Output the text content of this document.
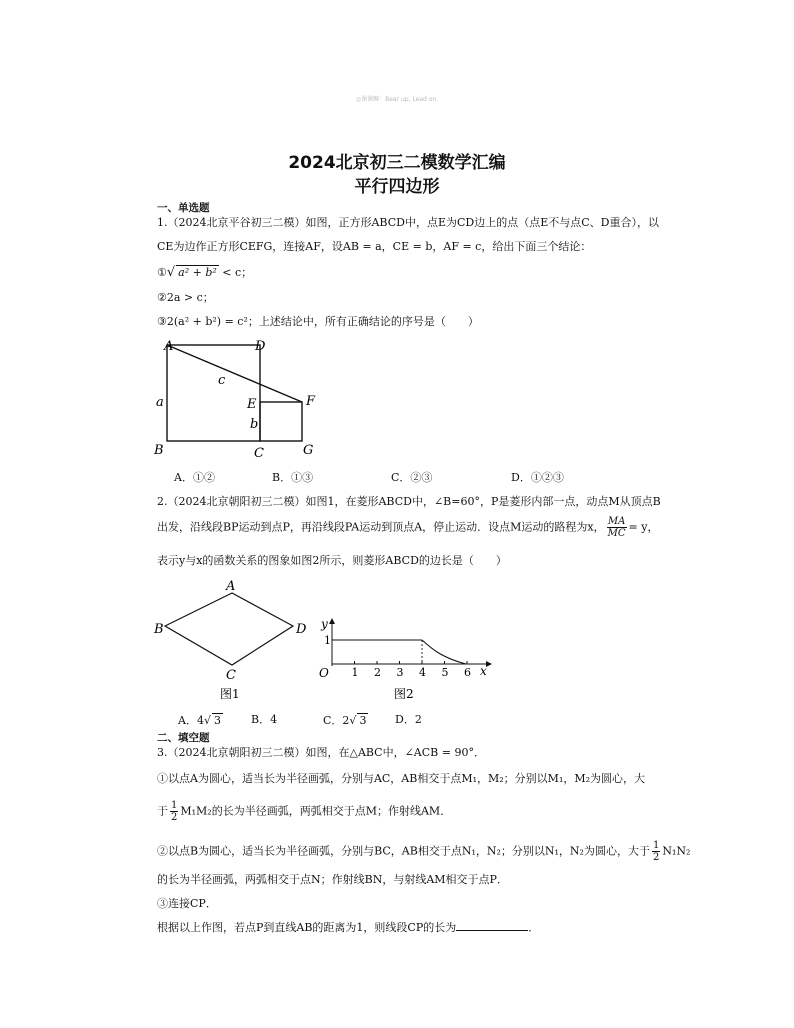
◎课课聊：Bear up, Lead on.
2024北京初三二模数学汇编
平行四边形
一、单选题
1.（2024北京平谷初三二模）如图，正方形ABCD中，点E为CD边上的点（点E不与点C、D重合），以
CE为边作正方形CEFG，连接AF，设AB = a，CE = b，AF = c，给出下面三个结论：
①√ a² + b² < c；
②2a > c；
③2(a² + b²) = c²；上述结论中，所有正确结论的序号是（　　）
A	D
B	C
E	F
G
a
b
c
A．①②	B．①③	C．②③	D．①②③
2.（2024北京朝阳初三二模）如图1，在菱形ABCD中，∠B=60°，P是菱形内部一点，动点M从顶点B
出发，沿线段BP运动到点P，再沿线段PA运动到顶点A，停止运动．设点M运动的路程为x， $\frac{MA}{MC} = y$，
表示y与x的函数关系的图象如图2所示，则菱形ABCD的边长是（　　）
A
B
C
D
图1
y
x
O
1
1 2 3 4 5 6
图2
A．4√ 3	B．4	C．2√ 3	D．2
二、填空题
3.（2024北京朝阳初三二模）如图，在△ABC中，∠ACB = 90°．
①以点A为圆心，适当长为半径画弧，分别与AC，AB相交于点M₁，M₂；分别以M₁，M₂为圆心，大
于 $\frac{1}{2} M_1M_2$的长为半径画弧，两弧相交于点M；作射线AM．
②以点B为圆心，适当长为半径画弧，分别与BC，AB相交于点N₁，N₂；分别以N₁，N₂为圆心，大于 $\frac{1}{2} N_1N_2$
的长为半径画弧，两弧相交于点N；作射线BN，与射线AM相交于点P．
③连接CP．
根据以上作图，若点P到直线AB的距离为1，则线段CP的长为	．
